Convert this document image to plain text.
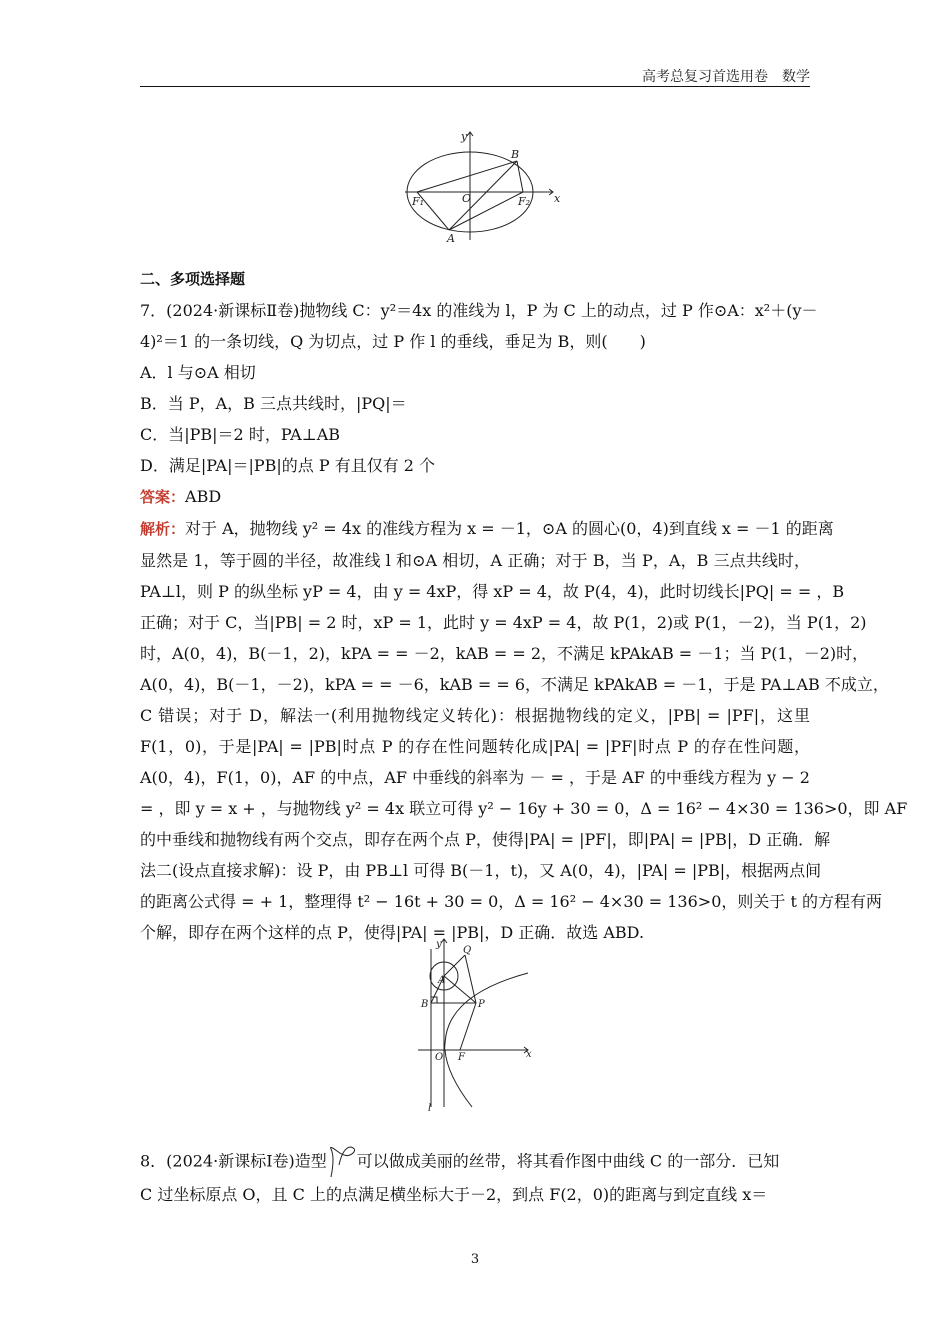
高考总复习首选用卷　数学
y
x
B
F₁	O	F₂
A
二、多项选择题
7．(2024·新课标Ⅱ卷)抛物线 C：y²＝4x 的准线为 l，P 为 C 上的动点，过 P 作⊙A：x²＋(y－
4)²＝1 的一条切线，Q 为切点，过 P 作 l 的垂线，垂足为 B，则(　　)
A．l 与⊙A 相切
B．当 P，A，B 三点共线时，|PQ|＝
C．当|PB|＝2 时，PA⊥AB
D．满足|PA|＝|PB|的点 P 有且仅有 2 个
答案：ABD
解析：对于 A，抛物线 y² = 4x 的准线方程为 x = －1，⊙A 的圆心(0，4)到直线 x = －1 的距离
显然是 1，等于圆的半径，故准线 l 和⊙A 相切，A 正确；对于 B，当 P，A，B 三点共线时，
PA⊥l，则 P 的纵坐标 yP = 4，由 y = 4xP，得 xP = 4，故 P(4，4)，此时切线长|PQ| = = ，B
正确；对于 C，当|PB| = 2 时，xP = 1，此时 y = 4xP = 4，故 P(1，2)或 P(1，－2)，当 P(1，2)
时，A(0，4)，B(－1，2)，kPA = = －2，kAB = = 2，不满足 kPAkAB = －1；当 P(1，－2)时，
A(0，4)，B(－1，－2)，kPA = = －6，kAB = = 6，不满足 kPAkAB = －1，于是 PA⊥AB 不成立，
C 错误；对于 D，解法一(利用抛物线定义转化)：根据抛物线的定义，|PB| = |PF|，这里
F(1，0)，于是|PA| = |PB|时点 P 的存在性问题转化成|PA| = |PF|时点 P 的存在性问题，
A(0，4)，F(1，0)，AF 的中点，AF 中垂线的斜率为 － = ，于是 AF 的中垂线方程为 y − 2
= ，即 y = x + ，与抛物线 y² = 4x 联立可得 y² − 16y + 30 = 0，Δ = 16² − 4×30 = 136>0，即 AF
的中垂线和抛物线有两个交点，即存在两个点 P，使得|PA| = |PF|，即|PA| = |PB|，D 正确．解
法二(设点直接求解)：设 P，由 PB⊥l 可得 B(－1，t)，又 A(0，4)，|PA| = |PB|，根据两点间
的距离公式得 = + 1，整理得 t² − 16t + 30 = 0，Δ = 16² − 4×30 = 136>0，则关于 t 的方程有两
个解，即存在两个这样的点 P，使得|PA| = |PB|，D 正确．故选 ABD.
y
Q
A
B	P
O F	x
l
8．(2024·新课标Ⅰ卷)造型 可以做成美丽的丝带，将其看作图中曲线 C 的一部分．已知
C 过坐标原点 O，且 C 上的点满足横坐标大于－2，到点 F(2，0)的距离与到定直线 x＝
3
